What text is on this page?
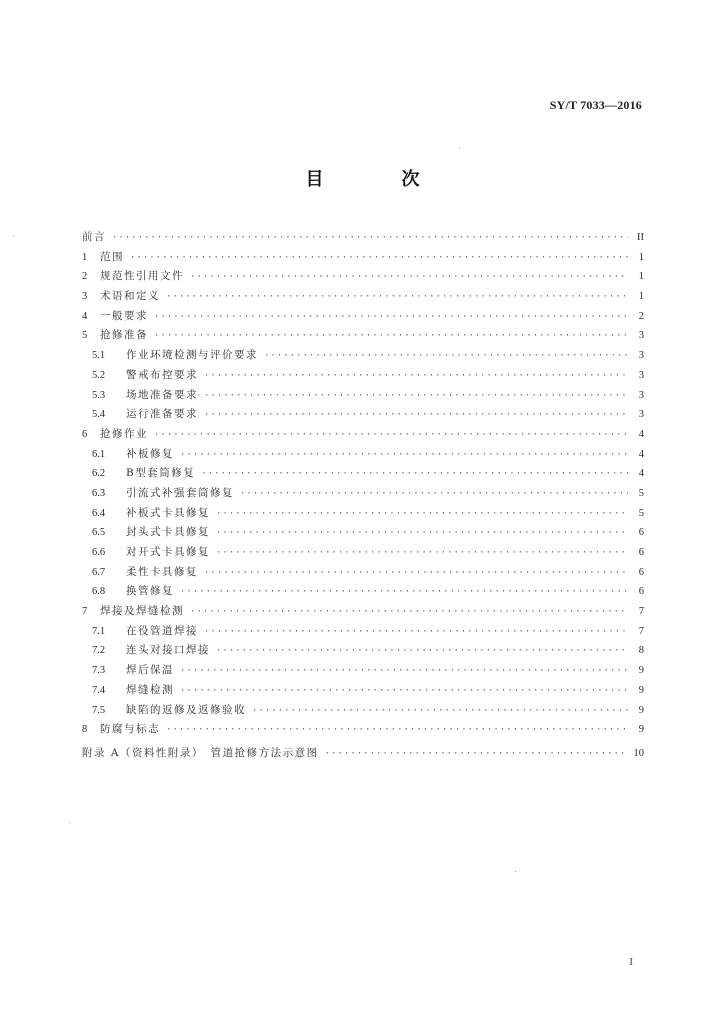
SY/T 7033—2016
目　次
前言 ·····	II
1	范围 ·····	1
2	规范性引用文件 ·····	1
3	术语和定义 ·····	1
4	一般要求 ·····	2
5	抢修准备 ·····	3
5.1	作业环境检测与评价要求 ·····	3
5.2	警戒布控要求 ·····	3
5.3	场地准备要求 ·····	3
5.4	运行准备要求 ·····	3
6	抢修作业 ·····	4
6.1	补板修复 ·····	4
6.2	B型套筒修复 ·····	4
6.3	引流式补强套筒修复 ·····	5
6.4	补板式卡具修复 ·····	5
6.5	封头式卡具修复 ·····	6
6.6	对开式卡具修复 ·····	6
6.7	柔性卡具修复 ·····	6
6.8	换管修复 ·····	6
7	焊接及焊缝检测 ·····	7
7.1	在役管道焊接 ·····	7
7.2	连头对接口焊接 ·····	8
7.3	焊后保温 ·····	9
7.4	焊缝检测 ·····	9
7.5	缺陷的返修及返修验收 ·····	9
8	防腐与标志 ·····	9
附录 A（资料性附录）　管道抢修方法示意图 ·····	10
I
